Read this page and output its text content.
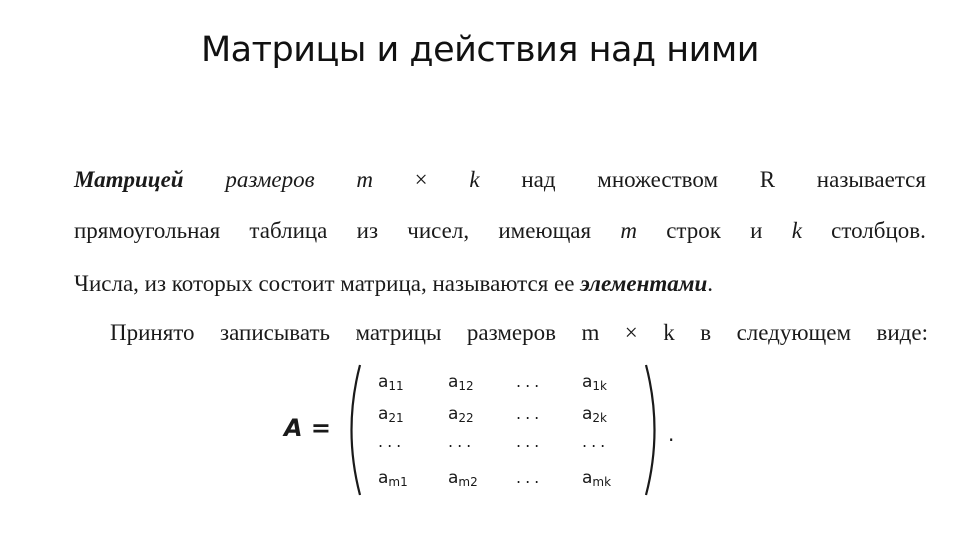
Матрицы и действия над ними
Матрицей размеров m × k над множеством R называется
прямоугольная таблица из чисел, имеющая m строк и k столбцов.
Числа, из которых состоит матрица, называются ее элементами.
Принято записывать матрицы размеров m × k в следующем виде:
A =
$a_{11}$	$a_{12}$	... $a_{1k}$
$a_{21}$	$a_{22}$	... $a_{2k}$
...	...	... ...
$a_{m1}$	$a_{m2}$	... $a_{mk}$
.
